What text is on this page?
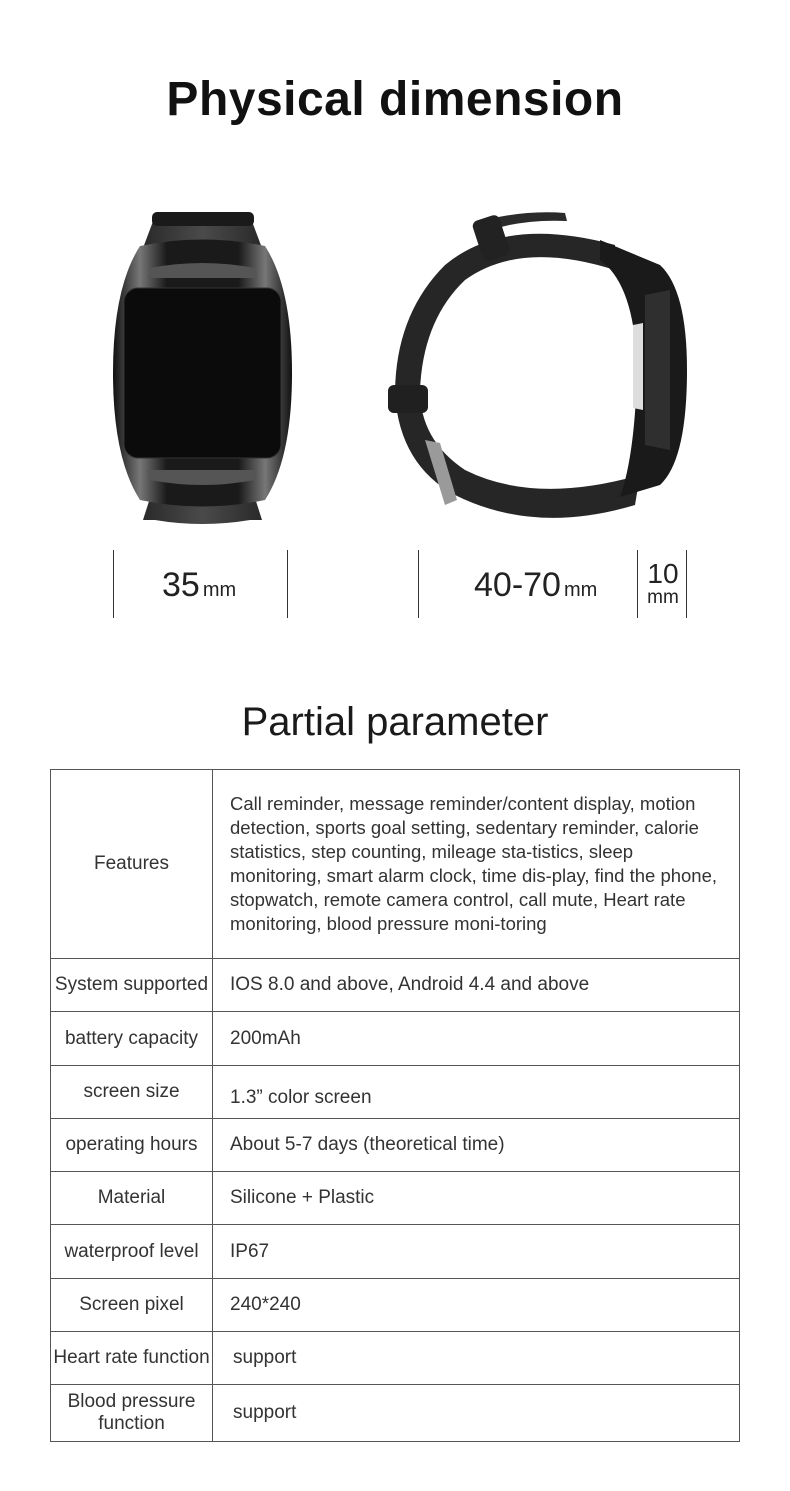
Physical dimension
35 mm	40-70 mm
10
mm
Partial parameter
Features	Call reminder, message reminder/content display, motion detection, sports goal setting, sedentary reminder, calorie statistics, step counting, mileage sta-tistics, sleep monitoring, smart alarm clock, time dis-play, find the phone, stopwatch, remote camera control, call mute, Heart rate monitoring, blood pressure moni-toring
System supported	IOS 8.0 and above, Android 4.4 and above
battery capacity	200mAh
screen size	1.3” color screen
operating hours	About 5-7 days (theoretical time)
Material	Silicone + Plastic
waterproof level	IP67
Screen pixel	240*240
Heart rate function	support
Blood pressure function	support
